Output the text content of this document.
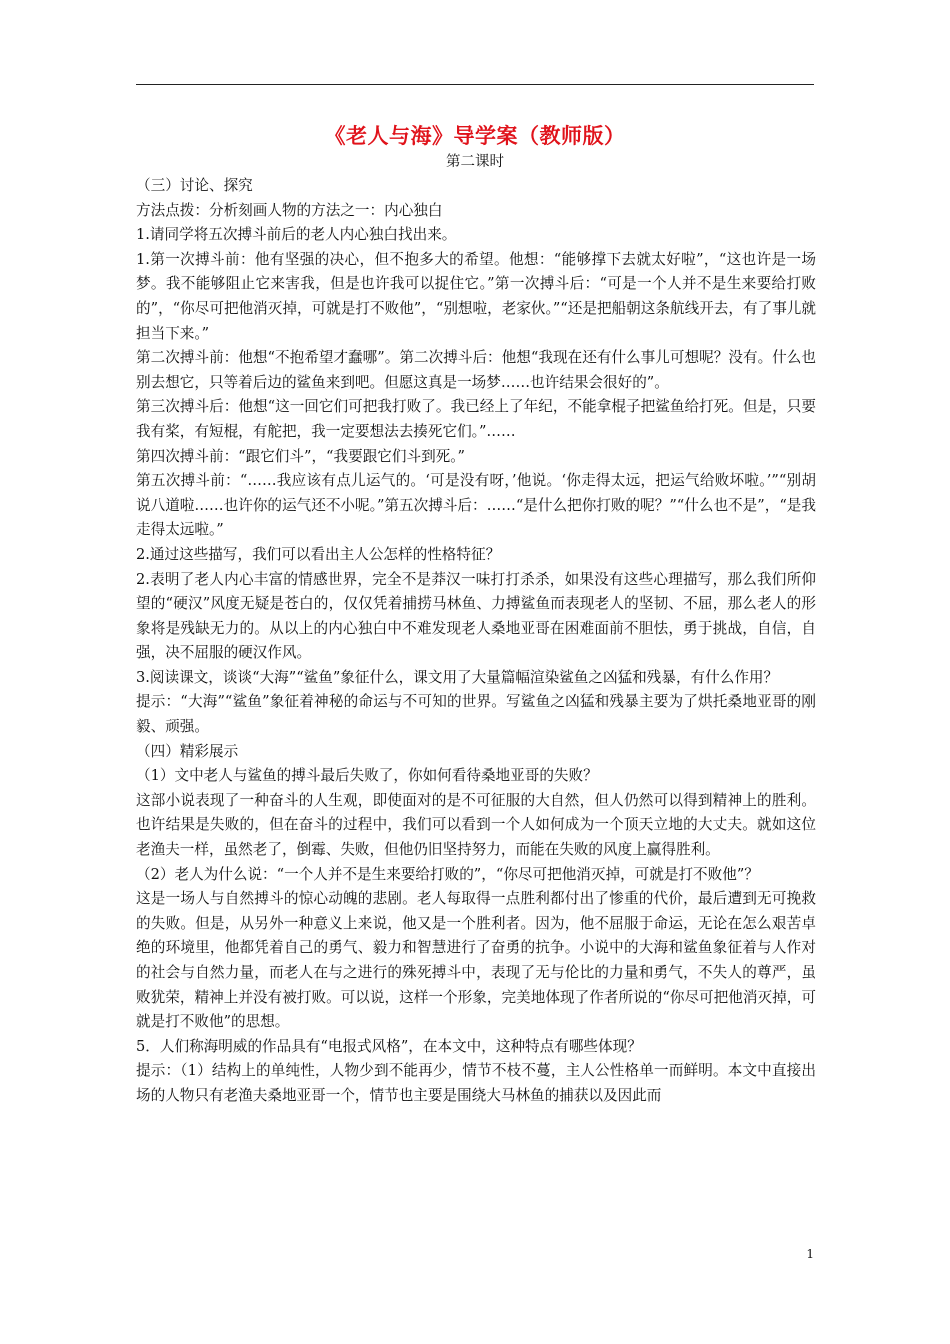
《老人与海》导学案（教师版）
第二课时

（三）讨论、探究

方法点拨：分析刻画人物的方法之一：内心独白

1.请同学将五次搏斗前后的老人内心独白找出来。

1.第一次搏斗前：他有坚强的决心，但不抱多大的希望。他想：“能够撑下去就太好啦”，“这也许是一场梦。我不能够阻止它来害我，但是也许我可以捉住它。”第一次搏斗后：“可是一个人并不是生来要给打败的”，“你尽可把他消灭掉，可就是打不败他”，“别想啦，老家伙。”“还是把船朝这条航线开去，有了事儿就担当下来。”

第二次搏斗前：他想“不抱希望才蠢哪”。第二次搏斗后：他想“我现在还有什么事儿可想呢？没有。什么也别去想它，只等着后边的鲨鱼来到吧。但愿这真是一场梦……也许结果会很好的”。

第三次搏斗后：他想“这一回它们可把我打败了。我已经上了年纪，不能拿棍子把鲨鱼给打死。但是，只要我有桨，有短棍，有舵把，我一定要想法去揍死它们。”……

第四次搏斗前：“跟它们斗”，“我要跟它们斗到死。”

第五次搏斗前：“……我应该有点儿运气的。‘可是没有呀，’他说。‘你走得太远，把运气给败坏啦。’”“别胡说八道啦……也许你的运气还不小呢。”第五次搏斗后：……“是什么把你打败的呢？”“什么也不是”，“是我走得太远啦。”

2.通过这些描写，我们可以看出主人公怎样的性格特征？

2.表明了老人内心丰富的情感世界，完全不是莽汉一味打打杀杀，如果没有这些心理描写，那么我们所仰望的“硬汉”风度无疑是苍白的，仅仅凭着捕捞马林鱼、力搏鲨鱼而表现老人的坚韧、不屈，那么老人的形象将是残缺无力的。从以上的内心独白中不难发现老人桑地亚哥在困难面前不胆怯，勇于挑战，自信，自强，决不屈服的硬汉作风。

3.阅读课文，谈谈“大海”“鲨鱼”象征什么，课文用了大量篇幅渲染鲨鱼之凶猛和残暴，有什么作用？

提示：“大海”“鲨鱼”象征着神秘的命运与不可知的世界。写鲨鱼之凶猛和残暴主要为了烘托桑地亚哥的刚毅、顽强。

（四）精彩展示

（1）文中老人与鲨鱼的搏斗最后失败了，你如何看待桑地亚哥的失败？

这部小说表现了一种奋斗的人生观，即使面对的是不可征服的大自然，但人仍然可以得到精神上的胜利。也许结果是失败的，但在奋斗的过程中，我们可以看到一个人如何成为一个顶天立地的大丈夫。就如这位老渔夫一样，虽然老了，倒霉、失败，但他仍旧坚持努力，而能在失败的风度上赢得胜利。

（2）老人为什么说：“一个人并不是生来要给打败的”，“你尽可把他消灭掉，可就是打不败他”？

这是一场人与自然搏斗的惊心动魄的悲剧。老人每取得一点胜利都付出了惨重的代价，最后遭到无可挽救的失败。但是，从另外一种意义上来说，他又是一个胜利者。因为，他不屈服于命运，无论在怎么艰苦卓绝的环境里，他都凭着自己的勇气、毅力和智慧进行了奋勇的抗争。小说中的大海和鲨鱼象征着与人作对的社会与自然力量，而老人在与之进行的殊死搏斗中，表现了无与伦比的力量和勇气，不失人的尊严，虽败犹荣，精神上并没有被打败。可以说，这样一个形象，完美地体现了作者所说的“你尽可把他消灭掉，可就是打不败他”的思想。

5．人们称海明威的作品具有“电报式风格”，在本文中，这种特点有哪些体现？

提示：（1）结构上的单纯性，人物少到不能再少，情节不枝不蔓，主人公性格单一而鲜明。本文中直接出场的人物只有老渔夫桑地亚哥一个，情节也主要是围绕大马林鱼的捕获以及因此而

1
